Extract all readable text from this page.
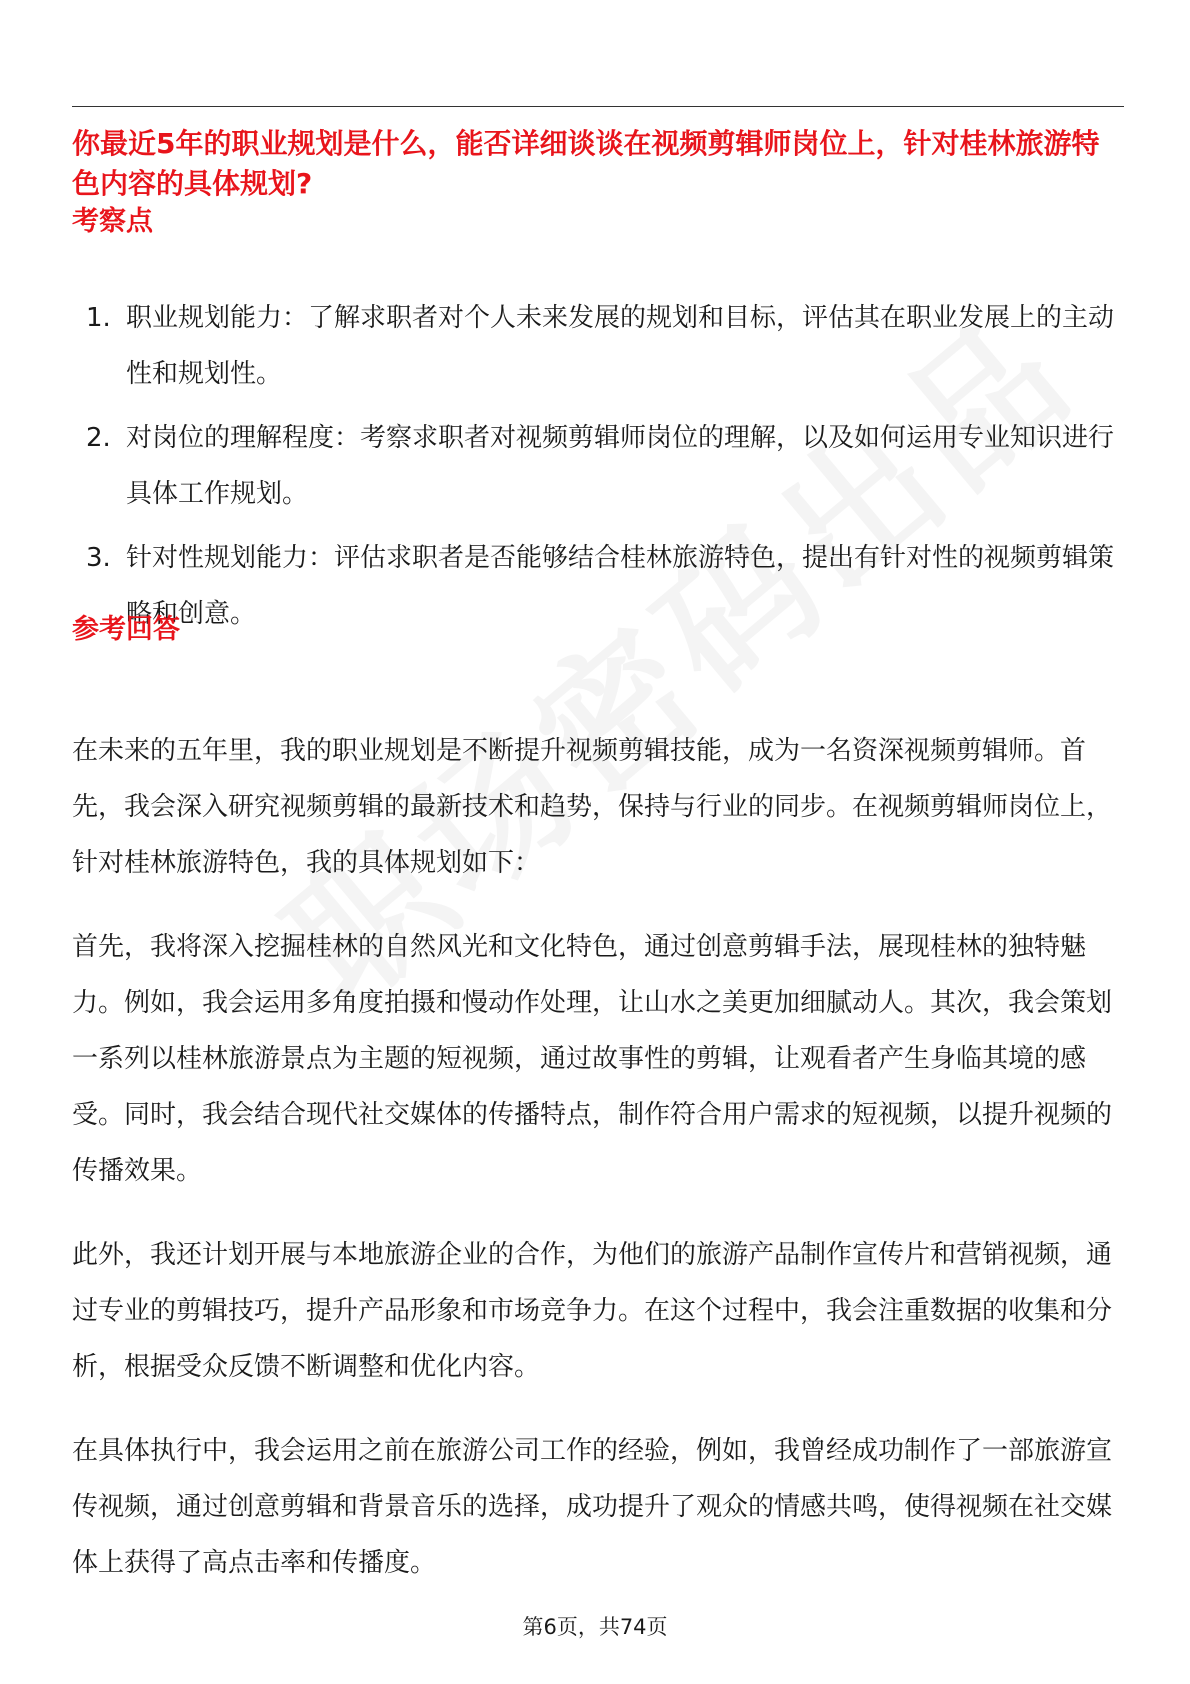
你最近5年的职业规划是什么，能否详细谈谈在视频剪辑师岗位上，针对桂林旅游特色内容的具体规划?
考察点
1. 职业规划能力：了解求职者对个人未来发展的规划和目标，评估其在职业发展上的主动性和规划性。
2. 对岗位的理解程度：考察求职者对视频剪辑师岗位的理解，以及如何运用专业知识进行具体工作规划。
3. 针对性规划能力：评估求职者是否能够结合桂林旅游特色，提出有针对性的视频剪辑策略和创意。
参考回答

在未来的五年里，我的职业规划是不断提升视频剪辑技能，成为一名资深视频剪辑师。首先，我会深入研究视频剪辑的最新技术和趋势，保持与行业的同步。在视频剪辑师岗位上，针对桂林旅游特色，我的具体规划如下：

首先，我将深入挖掘桂林的自然风光和文化特色，通过创意剪辑手法，展现桂林的独特魅力。例如，我会运用多角度拍摄和慢动作处理，让山水之美更加细腻动人。其次，我会策划一系列以桂林旅游景点为主题的短视频，通过故事性的剪辑，让观看者产生身临其境的感受。同时，我会结合现代社交媒体的传播特点，制作符合用户需求的短视频，以提升视频的传播效果。

此外，我还计划开展与本地旅游企业的合作，为他们的旅游产品制作宣传片和营销视频，通过专业的剪辑技巧，提升产品形象和市场竞争力。在这个过程中，我会注重数据的收集和分析，根据受众反馈不断调整和优化内容。

在具体执行中，我会运用之前在旅游公司工作的经验，例如，我曾经成功制作了一部旅游宣传视频，通过创意剪辑和背景音乐的选择，成功提升了观众的情感共鸣，使得视频在社交媒体上获得了高点击率和传播度。

第6页，共74页
